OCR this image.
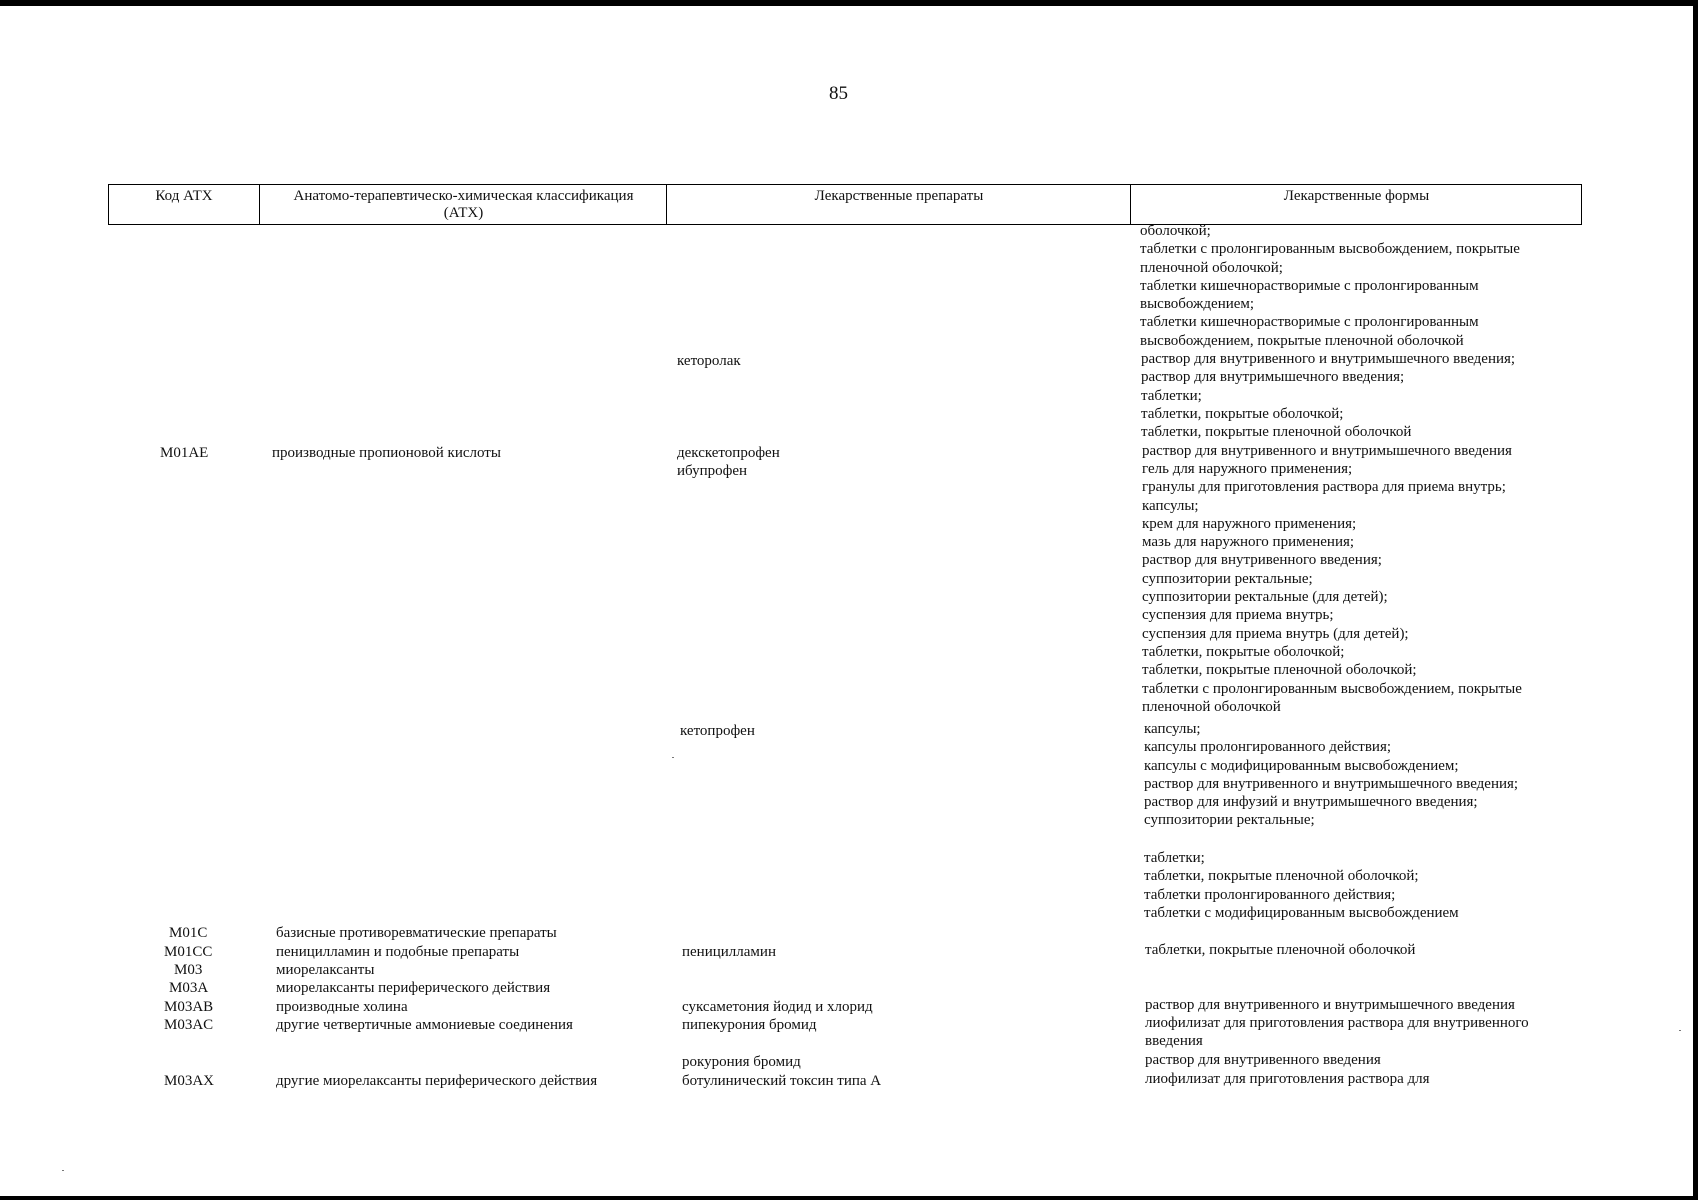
85
Код АТХ	Анатомо-терапевтическо-химическая классификация (АТХ)
Лекарственные препараты	Лекарственные формы
M01AE
M01C
M01CC
M03
M03A
M03AB
M03AC
M03AX
производные пропионовой кислоты
базисные противоревматические препараты
пеницилламин и подобные препараты
миорелаксанты
миорелаксанты периферического действия
производные холина
другие четвертичные аммониевые соединения
другие миорелаксанты периферического действия
кеторолак
декскетопрофен
ибупрофен
кетопрофен
пеницилламин
суксаметония йодид и хлорид
пипекурония бромид
рокурония бромид
ботулинический токсин типа А
оболочкой;
таблетки с пролонгированным высвобождением, покрытые
пленочной оболочкой;
таблетки кишечнорастворимые с пролонгированным
высвобождением;
таблетки кишечнорастворимые с пролонгированным
высвобождением, покрытые пленочной оболочкой
раствор для внутривенного и внутримышечного введения;
раствор для внутримышечного введения;
таблетки;
таблетки, покрытые оболочкой;
таблетки, покрытые пленочной оболочкой
раствор для внутривенного и внутримышечного введения
гель для наружного применения;
гранулы для приготовления раствора для приема внутрь;
капсулы;
крем для наружного применения;
мазь для наружного применения;
раствор для внутривенного введения;
суппозитории ректальные;
суппозитории ректальные (для детей);
суспензия для приема внутрь;
суспензия для приема внутрь (для детей);
таблетки, покрытые оболочкой;
таблетки, покрытые пленочной оболочкой;
таблетки с пролонгированным высвобождением, покрытые
пленочной оболочкой
капсулы;
капсулы пролонгированного действия;
капсулы с модифицированным высвобождением;
раствор для внутривенного и внутримышечного введения;
раствор для инфузий и внутримышечного введения;
суппозитории ректальные;
таблетки;
таблетки, покрытые пленочной оболочкой;
таблетки пролонгированного действия;
таблетки с модифицированным высвобождением
таблетки, покрытые пленочной оболочкой
раствор для внутривенного и внутримышечного введения
лиофилизат для приготовления раствора для внутривенного
введения
раствор для внутривенного введения
лиофилизат для приготовления раствора для
